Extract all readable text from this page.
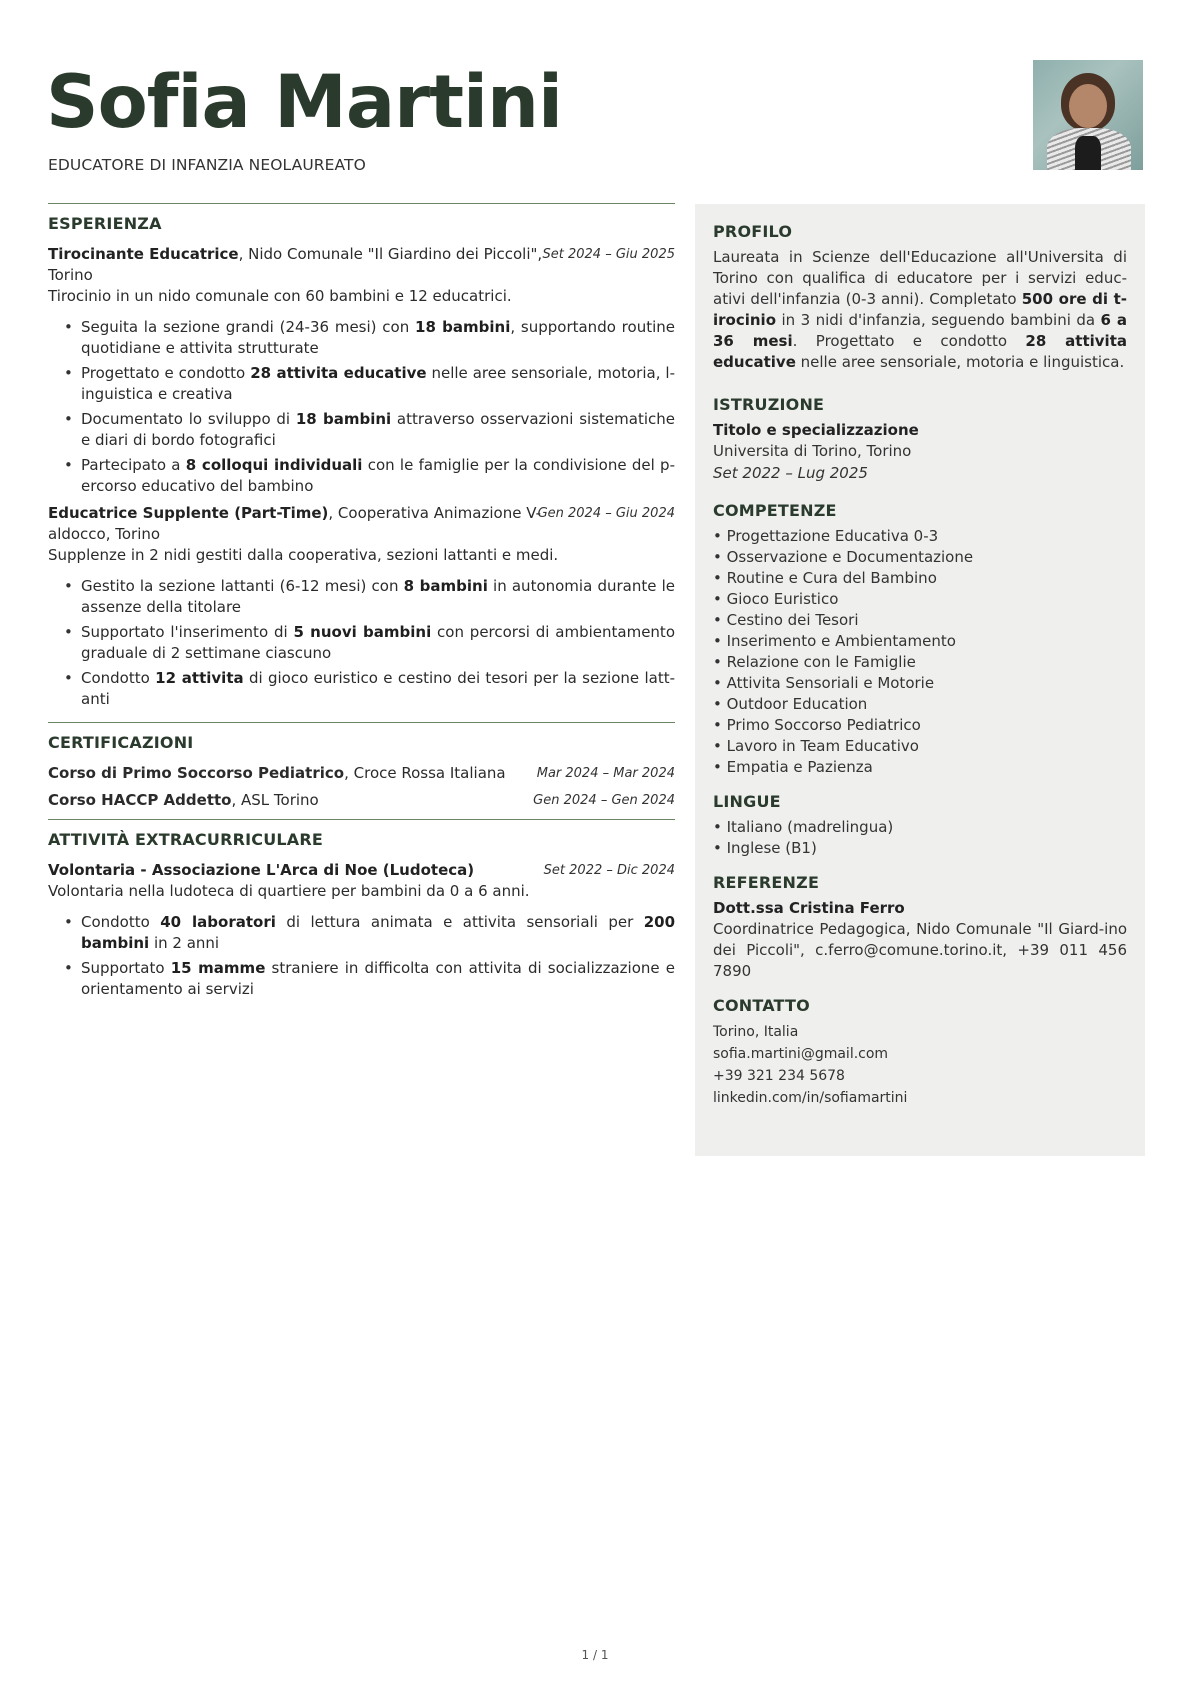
Sofia Martini
EDUCATORE DI INFANZIA NEOLAUREATO
ESPERIENZA
Tirocinante Educatrice, Nido Comunale "Il Giardino dei Piccoli", Torino
Set 2024 – Giu 2025
Tirocinio in un nido comunale con 60 bambini e 12 educatrici.
• Seguita la sezione grandi (24-36 mesi) con 18 bambini, supportando routine quotidiane e attivita strutturate
• Progettato e condotto 28 attivita educative nelle aree sensoriale, motoria, l-inguistica e creativa
• Documentato lo sviluppo di 18 bambini attraverso osservazioni sistematiche e diari di bordo fotografici
• Partecipato a 8 colloqui individuali con le famiglie per la condivisione del p-ercorso educativo del bambino
Educatrice Supplente (Part-Time), Cooperativa Animazione V-aldocco, Torino
Gen 2024 – Giu 2024
Supplenze in 2 nidi gestiti dalla cooperativa, sezioni lattanti e medi.
• Gestito la sezione lattanti (6-12 mesi) con 8 bambini in autonomia durante le assenze della titolare
• Supportato l'inserimento di 5 nuovi bambini con percorsi di ambientamento graduale di 2 settimane ciascuno
• Condotto 12 attivita di gioco euristico e cestino dei tesori per la sezione latt-anti
CERTIFICAZIONI
Corso di Primo Soccorso Pediatrico, Croce Rossa Italiana Mar 2024 – Mar 2024
Corso HACCP Addetto, ASL Torino	Gen 2024 – Gen 2024
ATTIVITÀ EXTRACURRICULARE
Volontaria - Associazione L'Arca di Noe (Ludoteca)	Set 2022 – Dic 2024
Volontaria nella ludoteca di quartiere per bambini da 0 a 6 anni.
• Condotto 40 laboratori di lettura animata e attivita sensoriali per 200 bambini in 2 anni
• Supportato 15 mamme straniere in difficolta con attivita di socializzazione e orientamento ai servizi
PROFILO
Laureata in Scienze dell'Educazione all'Universita di Torino con qualifica di educatore per i servizi educ-ativi dell'infanzia (0-3 anni). Completato 500 ore di t-irocinio in 3 nidi d'infanzia, seguendo bambini da 6 a 36 mesi. Progettato e condotto 28 attivita educative nelle aree sensoriale, motoria e linguistica.
ISTRUZIONE
Titolo e specializzazione
Universita di Torino, Torino
Set 2022 – Lug 2025
COMPETENZE
• Progettazione Educativa 0-3
• Osservazione e Documentazione
• Routine e Cura del Bambino
• Gioco Euristico
• Cestino dei Tesori
• Inserimento e Ambientamento
• Relazione con le Famiglie
• Attivita Sensoriali e Motorie
• Outdoor Education
• Primo Soccorso Pediatrico
• Lavoro in Team Educativo
• Empatia e Pazienza
LINGUE
• Italiano (madrelingua)
• Inglese (B1)
REFERENZE
Dott.ssa Cristina Ferro
Coordinatrice Pedagogica, Nido Comunale "Il Giard-ino dei Piccoli", c.ferro@comune.torino.it, +39 011 456 7890
CONTATTO
Torino, Italia
sofia.martini@gmail.com
+39 321 234 5678
linkedin.com/in/sofiamartini
1 / 1
